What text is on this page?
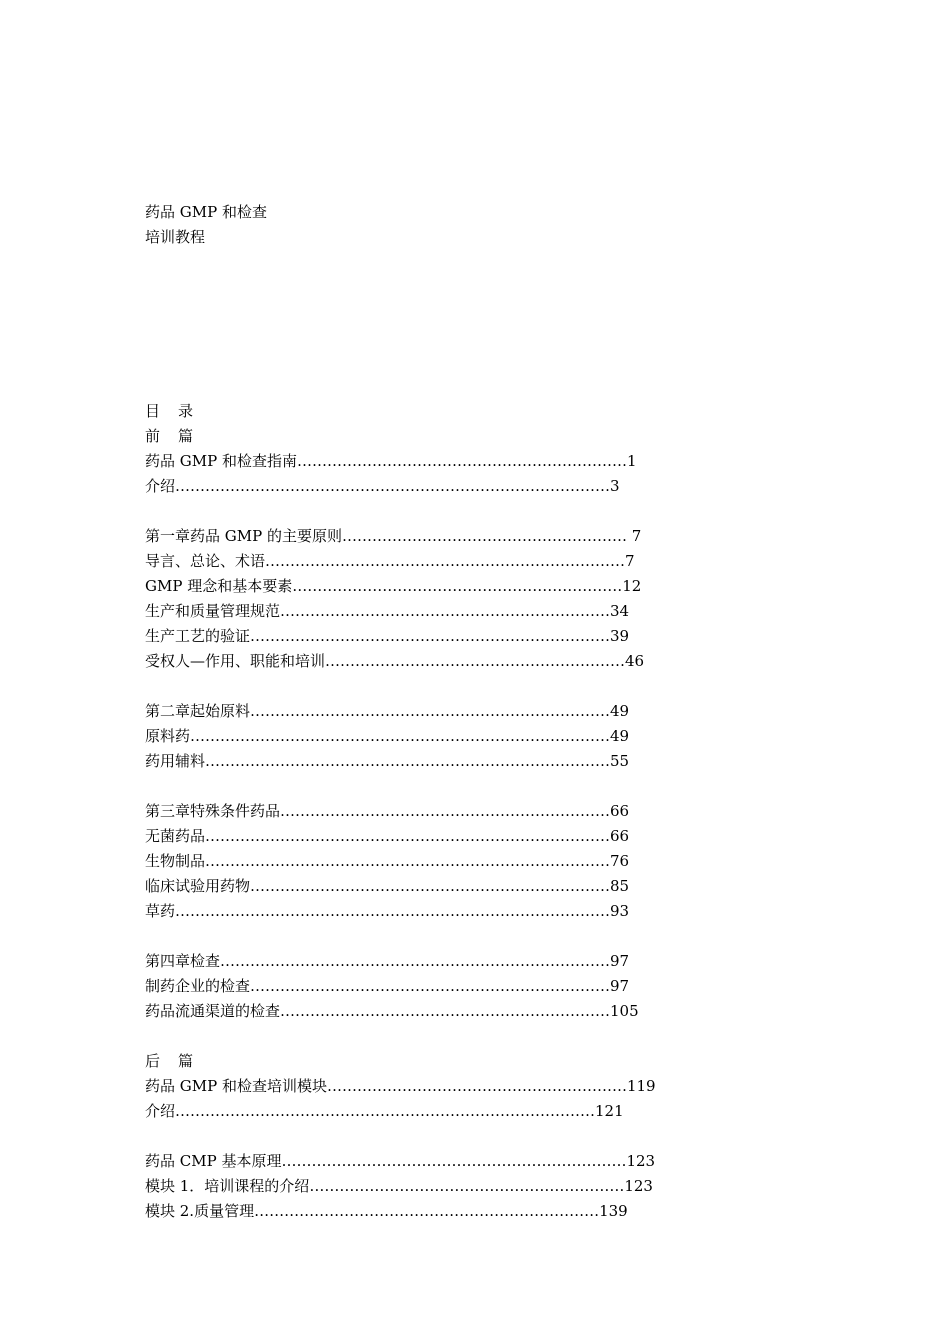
药品 GMP 和检查
培训教程
目　录
前　篇
药品 GMP 和检查指南…………………………………………………………1
介绍……………………………………………………………………………3
第一章药品 GMP 的主要原则………………………………………………… 7
导言、总论、术语………………………………………………………………7
GMP 理念和基本要素…………………………………………………………12
生产和质量管理规范…………………………………………………………34
生产工艺的验证………………………………………………………………39
受权人—作用、职能和培训……………………………………………………46
第二章起始原料………………………………………………………………49
原料药…………………………………………………………………………49
药用辅料………………………………………………………………………55
第三章特殊条件药品…………………………………………………………66
无菌药品………………………………………………………………………66
生物制品………………………………………………………………………76
临床试验用药物………………………………………………………………85
草药……………………………………………………………………………93
第四章检查……………………………………………………………………97
制药企业的检查………………………………………………………………97
药品流通渠道的检查…………………………………………………………105
后　篇
药品 GMP 和检查培训模块……………………………………………………119
介绍…………………………………………………………………………121
药品 CMP 基本原理……………………………………………………………123
模块 1．培训课程的介绍………………………………………………………123
模块 2.质量管理……………………………………………………………139
